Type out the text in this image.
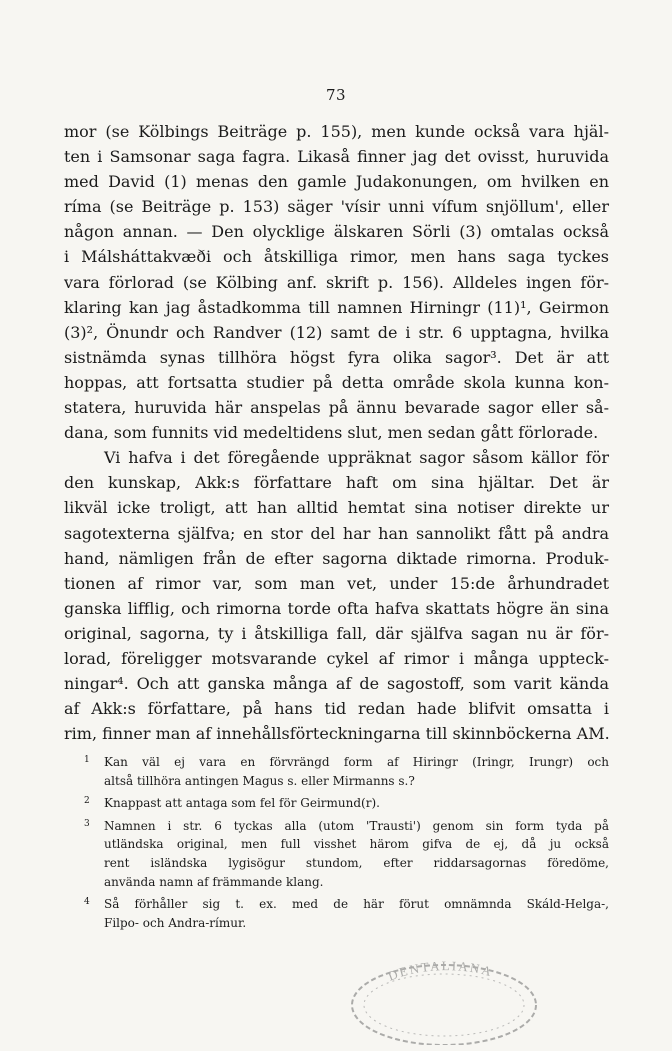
73
mor (se Kölbings Beiträge p. 155), men kunde också vara hjäl-
ten i Samsonar saga fagra. Likaså finner jag det ovisst, huruvida
med David (1) menas den gamle Judakonungen, om hvilken en
ríma (se Beiträge p. 153) säger 'vísir unni vífum snjöllum', eller
någon annan. — Den olycklige älskaren Sörli (3) omtalas också
i Málsháttakvæði och åtskilliga rimor, men hans saga tyckes
vara förlorad (se Kölbing anf. skrift p. 156). Alldeles ingen för-
klaring kan jag åstadkomma till namnen Hirningr (11)¹, Geirmon
(3)², Önundr och Randver (12) samt de i str. 6 upptagna, hvilka
sistnämda synas tillhöra högst fyra olika sagor³. Det är att
hoppas, att fortsatta studier på detta område skola kunna kon-
statera, huruvida här anspelas på ännu bevarade sagor eller så-
dana, som funnits vid medeltidens slut, men sedan gått förlorade.
Vi hafva i det föregående uppräknat sagor såsom källor för
den kunskap, Akk:s författare haft om sina hjältar. Det är
likväl icke troligt, att han alltid hemtat sina notiser direkte ur
sagotexterna själfva; en stor del har han sannolikt fått på andra
hand, nämligen från de efter sagorna diktade rimorna. Produk-
tionen af rimor var, som man vet, under 15:de århundradet
ganska lifflig, och rimorna torde ofta hafva skattats högre än sina
original, sagorna, ty i åtskilliga fall, där själfva sagan nu är för-
lorad, föreligger motsvarande cykel af rimor i många uppteck-
ningar⁴. Och att ganska många af de sagostoff, som varit kända
af Akk:s författare, på hans tid redan hade blifvit omsatta i
rim, finner man af innehållsförteckningarna till skinnböckerna AM.
1	Kan väl ej vara en förvrängd form af Hiringr (Iringr, Irungr) och
altså tillhöra antingen Magus s. eller Mirmanns s.?
2	Knappast att antaga som fel för Geirmund(r).
3	Namnen i str. 6 tyckas alla (utom 'Trausti') genom sin form tyda på
utländska original, men full visshet härom gifva de ej, då ju också
rent isländska lygisögur stundom, efter riddarsagornas föredöme,
använda namn af främmande klang.
4	Så förhåller sig t. ex. med de här förut omnämnda Skáld-Helga-,
Filpo- och Andra-rímur.
DENTALIANA
